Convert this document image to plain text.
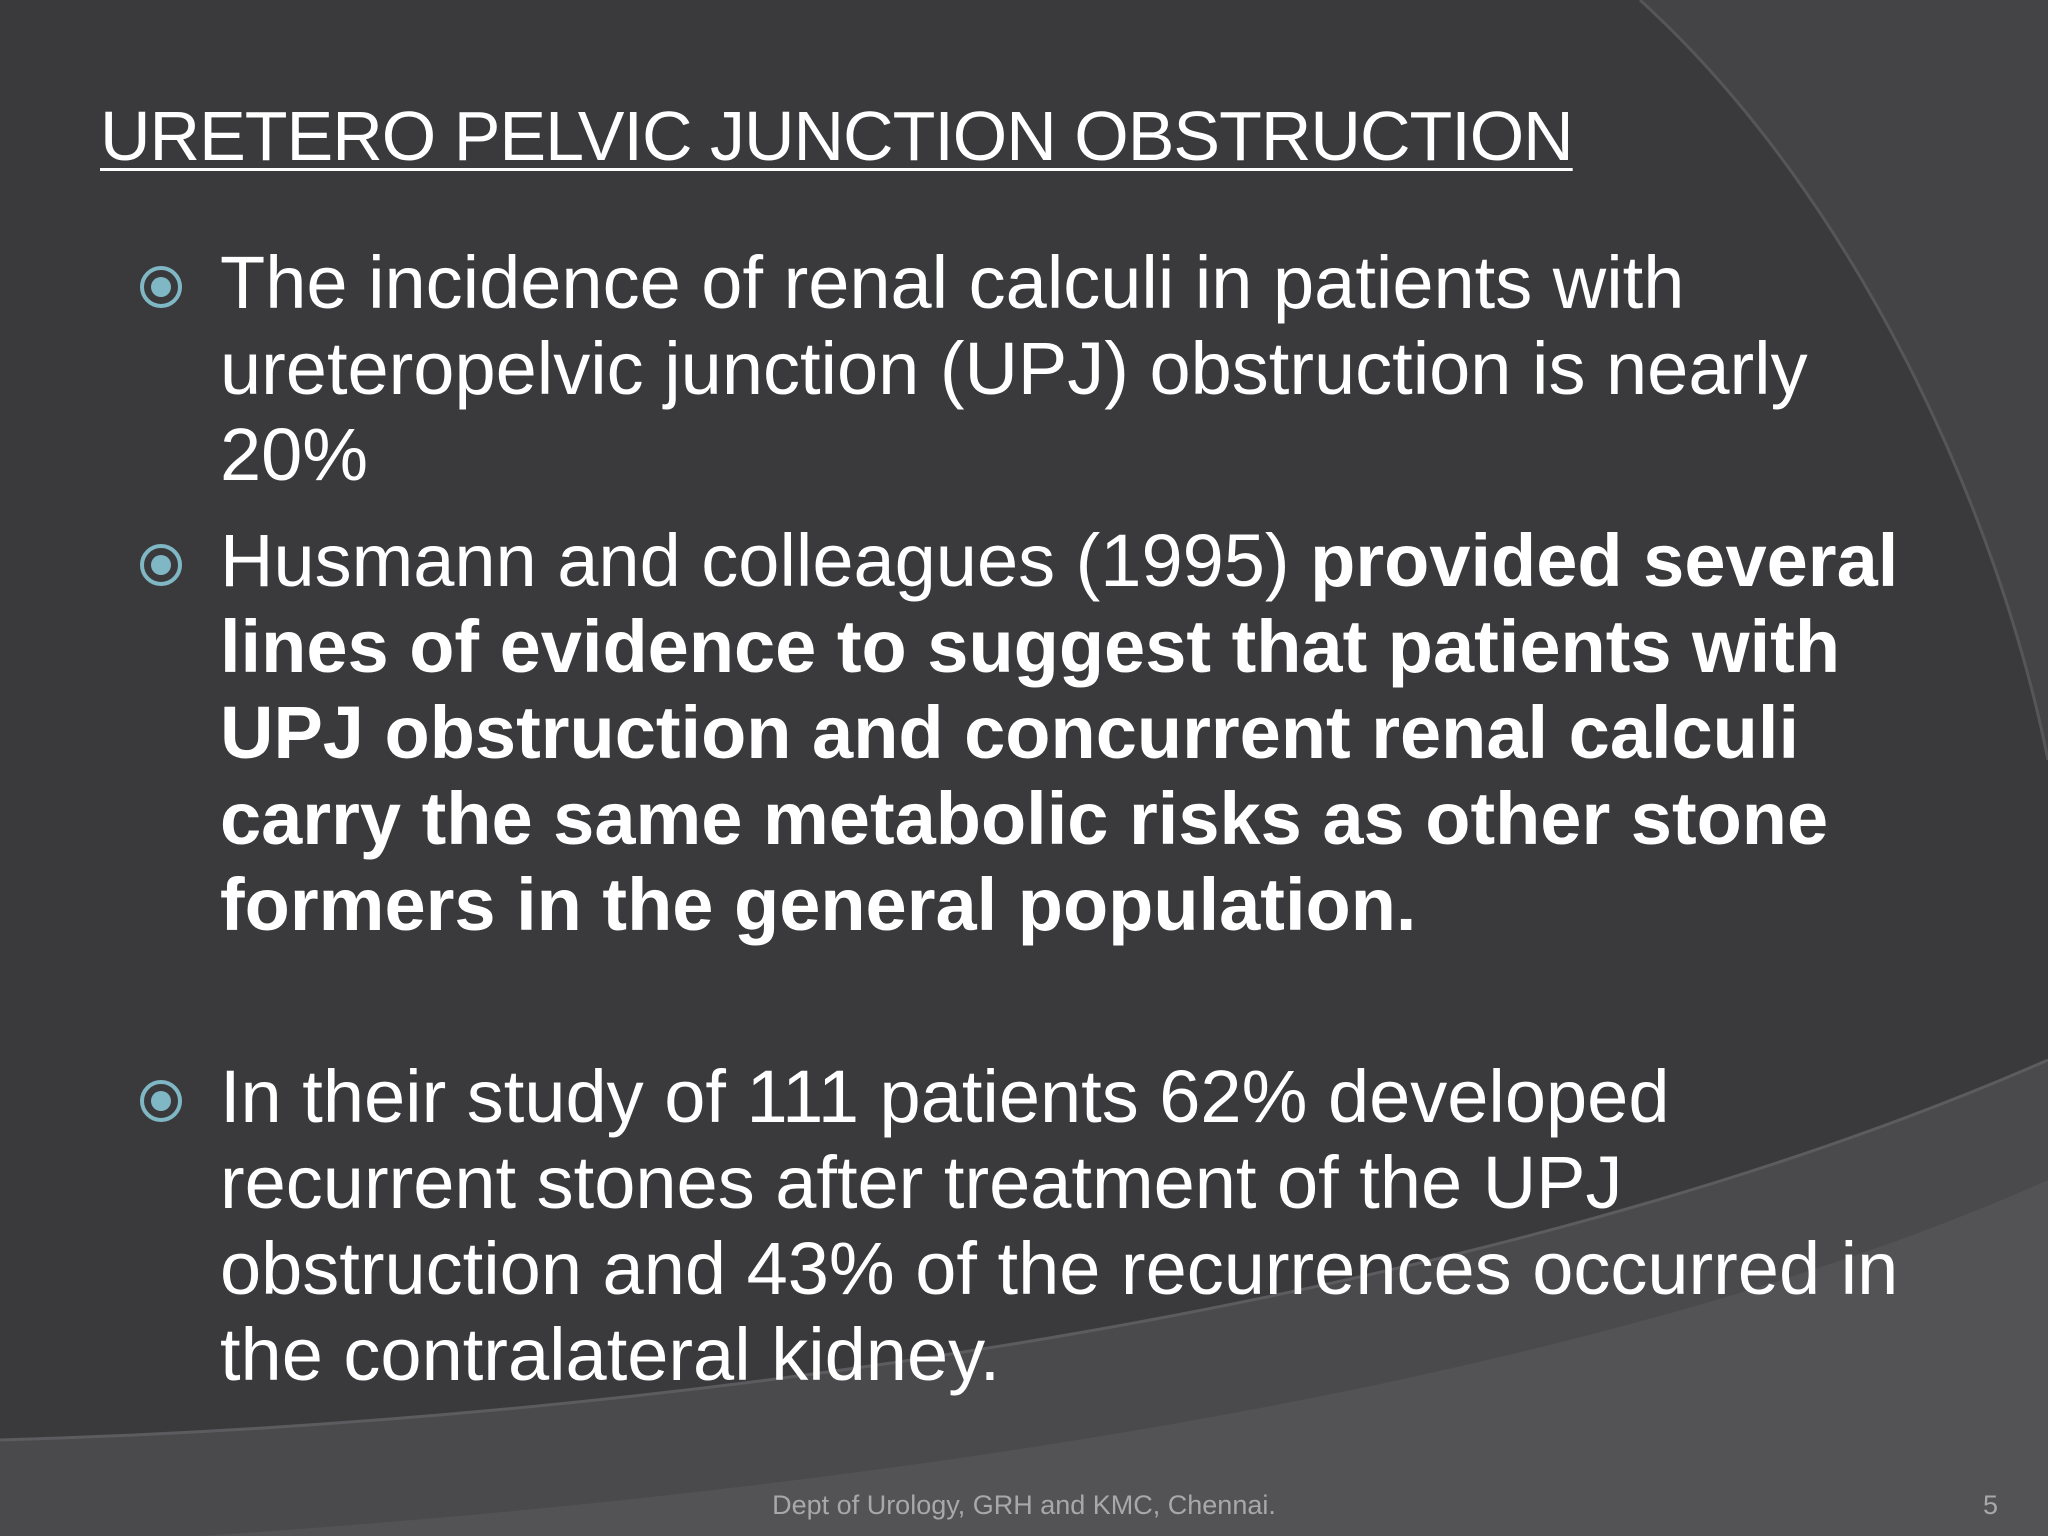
URETERO PELVIC JUNCTION OBSTRUCTION
The incidence of renal calculi in patients with ureteropelvic junction (UPJ) obstruction is nearly 20%
Husmann and colleagues (1995) provided several lines of evidence to suggest that patients with UPJ obstruction and concurrent renal calculi carry the same metabolic risks as other stone formers in the general population.
In their study of 111 patients 62% developed recurrent stones after treatment of the UPJ obstruction and 43% of the recurrences occurred in the contralateral kidney.
Dept of Urology, GRH and KMC, Chennai.	5
